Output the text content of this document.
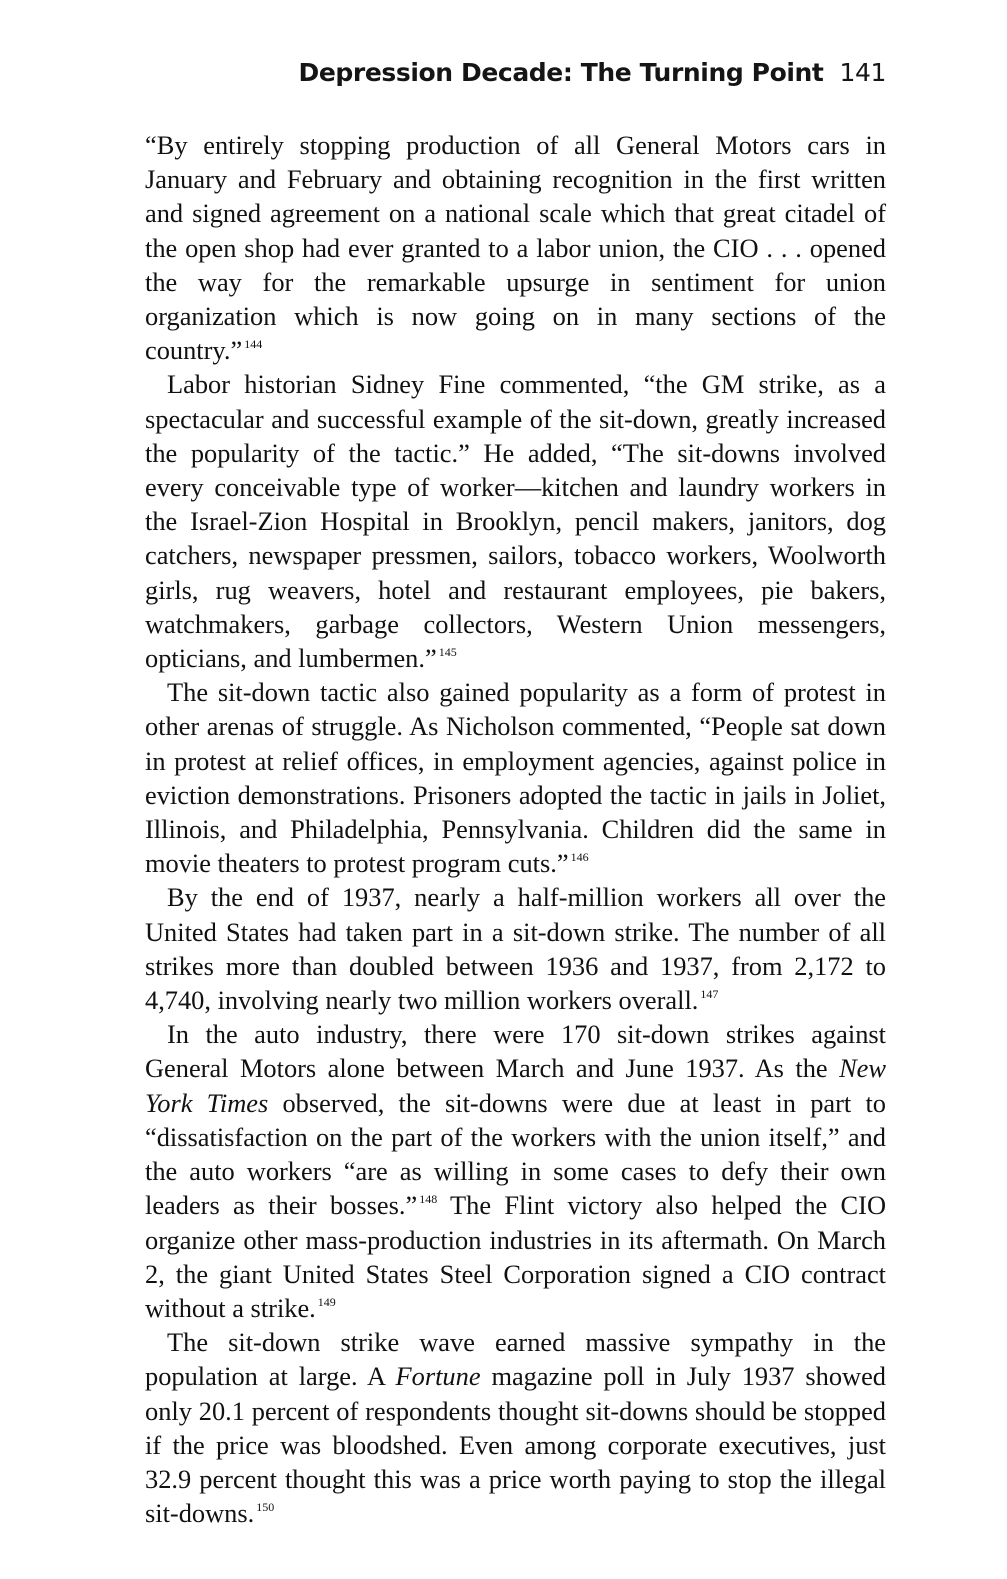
Depression Decade: The Turning Point 141

“By entirely stopping production of all General Motors cars in January and February and obtaining recognition in the first written and signed agreement on a national scale which that great citadel of the open shop had ever granted to a labor union, the CIO . . . opened the way for the remarkable upsurge in sentiment for union organization which is now going on in many sections of the country.” $^{144}$

Labor historian Sidney Fine commented, “the GM strike, as a spectacular and successful example of the sit-down, greatly increased the popularity of the tactic.” He added, “The sit-downs involved every conceivable type of worker—kitchen and laundry workers in the Israel-Zion Hospital in Brooklyn, pencil makers, janitors, dog catchers, newspaper pressmen, sailors, tobacco workers, Woolworth girls, rug weavers, hotel and restaurant employees, pie bakers, watchmakers, garbage collectors, Western Union messengers, opticians, and lumbermen.” $^{145}$

The sit-down tactic also gained popularity as a form of protest in other arenas of struggle. As Nicholson commented, “People sat down in protest at relief offices, in employment agencies, against police in eviction demonstrations. Prisoners adopted the tactic in jails in Joliet, Illinois, and Philadelphia, Pennsylvania. Children did the same in movie theaters to protest program cuts.” $^{146}$

By the end of 1937, nearly a half-million workers all over the United States had taken part in a sit-down strike. The number of all strikes more than doubled between 1936 and 1937, from 2,172 to 4,740, involving nearly two million workers overall. $^{147}$

In the auto industry, there were 170 sit-down strikes against General Motors alone between March and June 1937. As the New York Times observed, the sit-downs were due at least in part to “dissatisfaction on the part of the workers with the union itself,” and the auto workers “are as willing in some cases to defy their own leaders as their bosses.” $^{148}$ The Flint victory also helped the CIO organize other mass-production industries in its aftermath. On March 2, the giant United States Steel Corporation signed a CIO contract without a strike. $^{149}$

The sit-down strike wave earned massive sympathy in the population at large. A Fortune magazine poll in July 1937 showed only 20.1 percent of respondents thought sit-downs should be stopped if the price was bloodshed. Even among corporate executives, just 32.9 percent thought this was a price worth paying to stop the illegal sit-downs. $^{150}$
